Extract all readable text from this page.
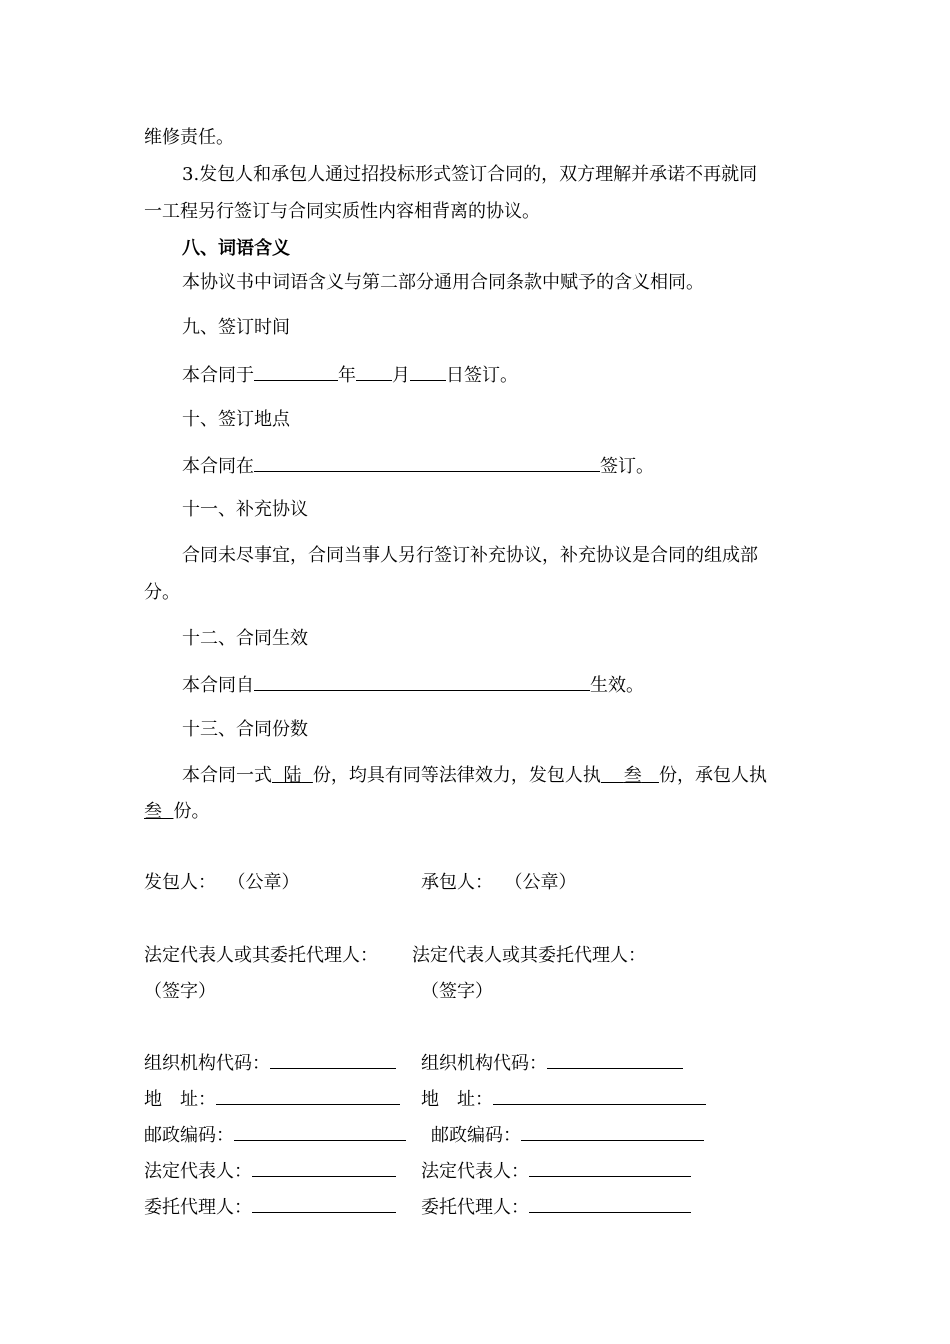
维修责任。
3.发包人和承包人通过招投标形式签订合同的，双方理解并承诺不再就同
一工程另行签订与合同实质性内容相背离的协议。
八、词语含义
本协议书中词语含义与第二部分通用合同条款中赋予的含义相同。
九、签订时间
本合同于	年 月 日签订。
十、签订地点
本合同在	签订。
十一、补充协议
合同未尽事宜，合同当事人另行签订补充协议，补充协议是合同的组成部
分。
十二、合同生效
本合同自	生效。
十三、合同份数
本合同一式 陆 份，均具有同等法律效力，发包人执 叁 份，承包人执
叁 份。
发包人： （公章）	承包人： （公章）
法定代表人或其委托代理人： 法定代表人或其委托代理人：
（签字）	（签字）
组织机构代码：	组织机构代码：
地　址：	地　址：
邮政编码：	邮政编码：
法定代表人：	法定代表人：
委托代理人：	委托代理人：
